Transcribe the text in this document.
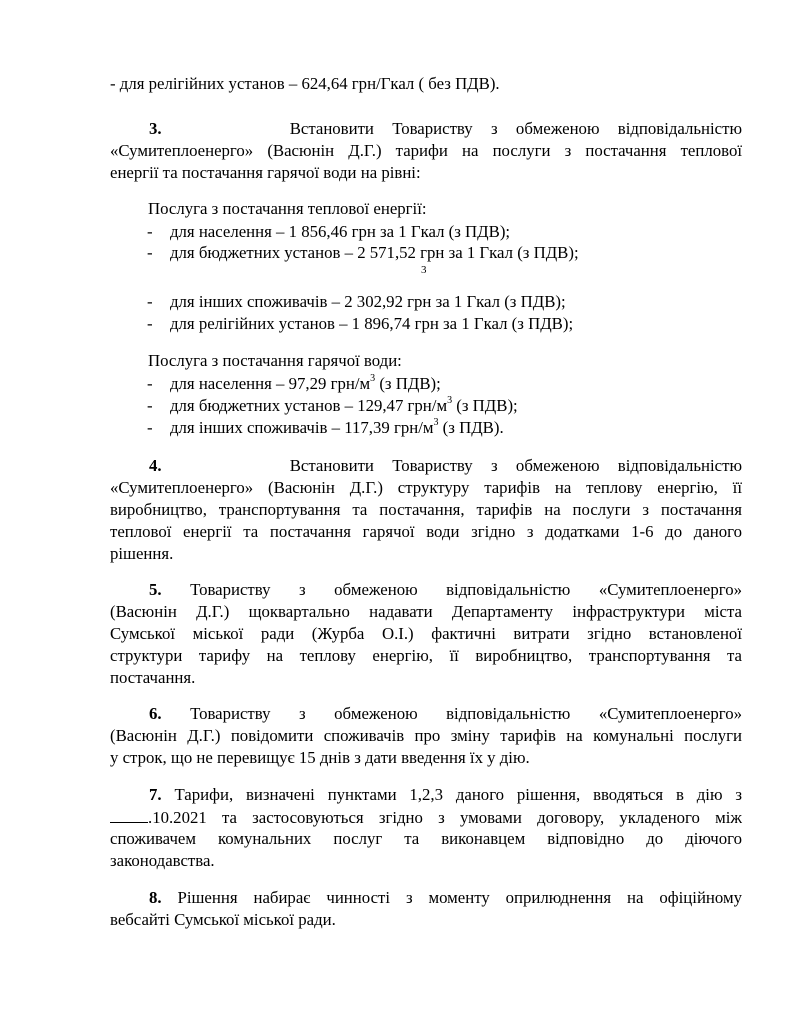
- для релігійних установ – 624,64 грн/Гкал ( без ПДВ).
3.	Встановити Товариству з обмеженою відповідальністю
«Сумитеплоенерго» (Васюнін Д.Г.) тарифи на послуги з постачання теплової
енергії та постачання гарячої води на рівні:
Послуга з постачання теплової енергії:
- для населення – 1 856,46 грн за 1 Гкал (з ПДВ);
- для бюджетних установ – 2 571,52 грн за 1 Гкал (з ПДВ);
3
- для інших споживачів – 2 302,92 грн за 1 Гкал (з ПДВ);
- для релігійних установ – 1 896,74 грн за 1 Гкал (з ПДВ);
Послуга з постачання гарячої води:
- для населення – 97,29 грн/$м^3$ (з ПДВ);
- для бюджетних установ – 129,47 грн/$м^3$ (з ПДВ);
- для інших споживачів – 117,39 грн/$м^3$ (з ПДВ).
4.	Встановити Товариству з обмеженою відповідальністю
«Сумитеплоенерго» (Васюнін Д.Г.) структуру тарифів на теплову енергію, її
виробництво, транспортування та постачання, тарифів на послуги з постачання
теплової енергії та постачання гарячої води згідно з додатками 1-6 до даного
рішення.
5. Товариству з обмеженою відповідальністю «Сумитеплоенерго»
(Васюнін Д.Г.) щоквартально надавати Департаменту інфраструктури міста
Сумської міської ради (Журба О.І.) фактичні витрати згідно встановленої
структури тарифу на теплову енергію, її виробництво, транспортування та
постачання.
6. Товариству з обмеженою відповідальністю «Сумитеплоенерго»
(Васюнін Д.Г.) повідомити споживачів про зміну тарифів на комунальні послуги
у строк, що не перевищує 15 днів з дати введення їх у дію.
7. Тарифи, визначені пунктами 1,2,3 даного рішення, вводяться в дію з
.10.2021 та застосовуються згідно з умовами договору, укладеного між
споживачем комунальних послуг та виконавцем відповідно до діючого
законодавства.
8. Рішення набирає чинності з моменту оприлюднення на офіційному
вебсайті Сумської міської ради.
